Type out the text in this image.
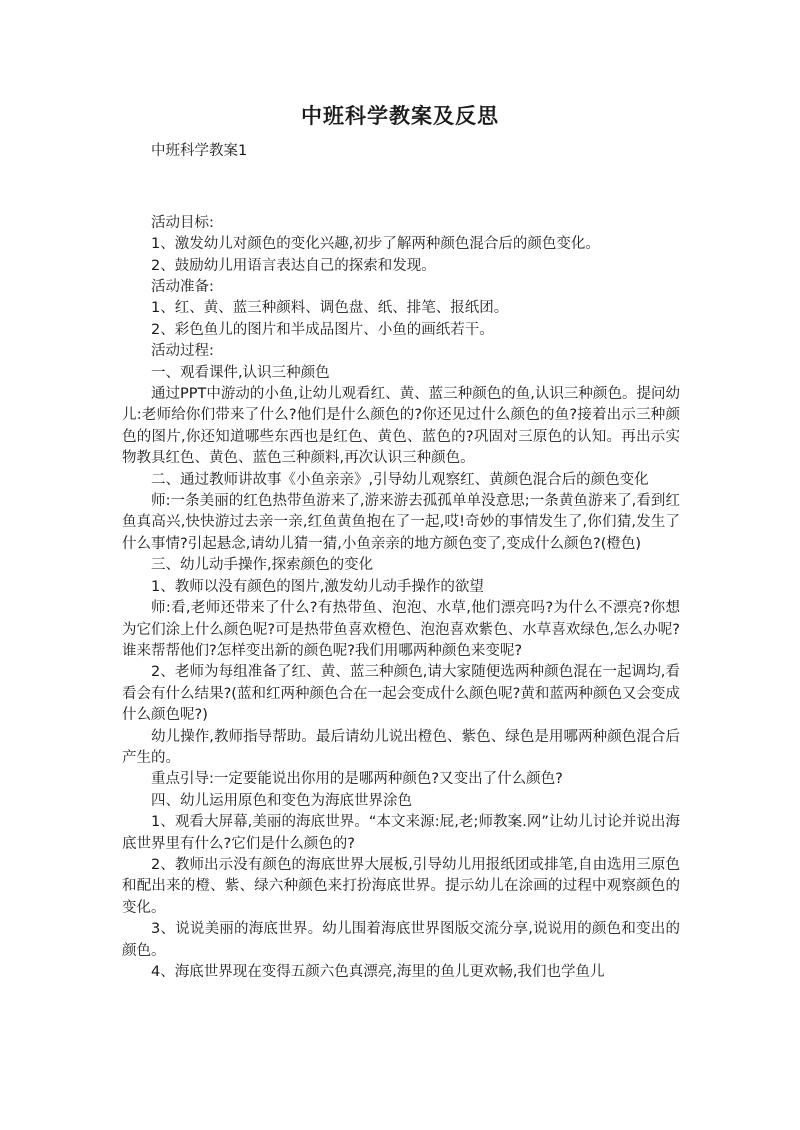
中班科学教案及反思

中班科学教案1

活动目标:

1、激发幼儿对颜色的变化兴趣,初步了解两种颜色混合后的颜色变化。

2、鼓励幼儿用语言表达自己的探索和发现。

活动准备:

1、红、黄、蓝三种颜料、调色盘、纸、排笔、报纸团。

2、彩色鱼儿的图片和半成品图片、小鱼的画纸若干。

活动过程:

一、观看课件,认识三种颜色

通过PPT中游动的小鱼,让幼儿观看红、黄、蓝三种颜色的鱼,认识三种颜色。提问幼儿:老师给你们带来了什么?他们是什么颜色的?你还见过什么颜色的鱼?接着出示三种颜色的图片,你还知道哪些东西也是红色、黄色、蓝色的?巩固对三原色的认知。再出示实物教具红色、黄色、蓝色三种颜料,再次认识三种颜色。

二、通过教师讲故事《小鱼亲亲》,引导幼儿观察红、黄颜色混合后的颜色变化

师:一条美丽的红色热带鱼游来了,游来游去孤孤单单没意思;一条黄鱼游来了,看到红鱼真高兴,快快游过去亲一亲,红鱼黄鱼抱在了一起,哎!奇妙的事情发生了,你们猜,发生了什么事情?引起悬念,请幼儿猜一猜,小鱼亲亲的地方颜色变了,变成什么颜色?(橙色)

三、幼儿动手操作,探索颜色的变化

1、教师以没有颜色的图片,激发幼儿动手操作的欲望

师:看,老师还带来了什么?有热带鱼、泡泡、水草,他们漂亮吗?为什么不漂亮?你想为它们涂上什么颜色呢?可是热带鱼喜欢橙色、泡泡喜欢紫色、水草喜欢绿色,怎么办呢?谁来帮帮他们?怎样变出新的颜色呢?我们用哪两种颜色来变呢?

2、老师为每组准备了红、黄、蓝三种颜色,请大家随便选两种颜色混在一起调均,看看会有什么结果?(蓝和红两种颜色合在一起会变成什么颜色呢?黄和蓝两种颜色又会变成什么颜色呢?)

幼儿操作,教师指导帮助。最后请幼儿说出橙色、紫色、绿色是用哪两种颜色混合后产生的。

重点引导:一定要能说出你用的是哪两种颜色?又变出了什么颜色?

四、幼儿运用原色和变色为海底世界涂色

1、观看大屏幕,美丽的海底世界。“本文来源:屁,老;师教案.网”让幼儿讨论并说出海底世界里有什么?它们是什么颜色的?

2、教师出示没有颜色的海底世界大展板,引导幼儿用报纸团或排笔,自由选用三原色和配出来的橙、紫、绿六种颜色来打扮海底世界。提示幼儿在涂画的过程中观察颜色的变化。

3、说说美丽的海底世界。幼儿围着海底世界图版交流分享,说说用的颜色和变出的颜色。

4、海底世界现在变得五颜六色真漂亮,海里的鱼儿更欢畅,我们也学鱼儿
